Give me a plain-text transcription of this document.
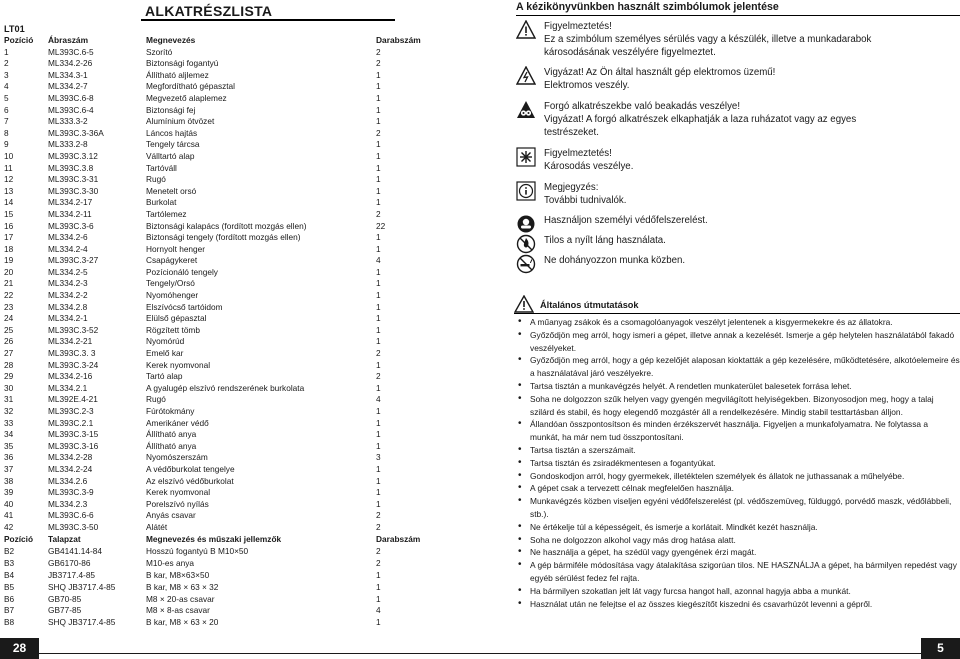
ALKATRÉSZLISTA
LT01
Pozíció	Ábraszám	Megnevezés	Darabszám
1	ML393C.6-5	Szorító	2
2	ML334.2-26	Biztonsági fogantyú	2
3	ML334.3-1	Állítható aljlemez	1
4	ML334.2-7	Megfordítható gépasztal	1
5	ML393C.6-8	Megvezető alaplemez	1
6	ML393C.6-4	Biztonsági fej	1
7	ML333.3-2	Alumínium ötvözet	1
8	ML393C.3-36A	Láncos hajtás	2
9	ML333.2-8	Tengely tárcsa	1
10	ML393C.3.12	Válltartó alap	1
11	ML393C.3.8	Tartóváll	1
12	ML393C.3-31	Rugó	1
13	ML393C.3-30	Menetelt orsó	1
14	ML334.2-17	Burkolat	1
15	ML334.2-11	Tartólemez	2
16	ML393C.3-6	Biztonsági kalapács (fordított mozgás ellen)	22
17	ML334.2-6	Biztonsági tengely (fordított mozgás ellen)	1
18	ML334.2-4	Hornyolt henger	1
19	ML393C.3-27	Csapágykeret	4
20	ML334.2-5	Pozícionáló tengely	1
21	ML334.2-3	Tengely/Orsó	1
22	ML334.2-2	Nyomóhenger	1
23	ML334.2.8	Elszívócső tartóidom	1
24	ML334.2-1	Elülső gépasztal	1
25	ML393C.3-52	Rögzített tömb	1
26	ML334.2-21	Nyomórúd	1
27	ML393C.3. 3	Emelő kar	2
28	ML393C.3-24	Kerek nyomvonal	1
29	ML334.2-16	Tartó alap	2
30	ML334.2.1	A gyalugép elszívó rendszerének burkolata	1
31	ML392E.4-21	Rugó	4
32	ML393C.2-3	Fúrótokmány	1
33	ML393C.2.1	Amerikáner védő	1
34	ML393C.3-15	Állítható anya	1
35	ML393C.3-16	Állítható anya	1
36	ML334.2-28	Nyomószerszám	3
37	ML334.2-24	A védőburkolat tengelye	1
38	ML334.2.6	Az elszívó védőburkolat	1
39	ML393C.3-9	Kerek nyomvonal	1
40	ML334.2.3	Porelszívó nyílás	1
41	ML393C.6-6	Anyás csavar	2
42	ML393C.3-50	Alátét	2
Pozíció	Talapzat	Megnevezés és műszaki jellemzők	Darabszám
B2	GB4141.14-84	Hosszú fogantyú B M10×50	2
B3	GB6170-86	M10-es anya	2
B4	JB3717.4-85	B kar, M8×63×50	1
B5	SHQ JB3717.4-85	B kar, M8 × 63 × 32	1
B6	GB70-85	M8 × 20-as csavar	1
B7	GB77-85	M8 × 8-as csavar	4
B8	SHQ JB3717.4-85	B kar, M8 × 63 × 20	1
28
A kézikönyvünkben használt szimbólumok jelentése
Figyelmeztetés!
Ez a szimbólum személyes sérülés vagy a készülék, illetve a munkadarabok
károsodásának veszélyére figyelmeztet.
Vigyázat! Az Ön által használt gép elektromos üzemű!
Elektromos veszély.
Forgó alkatrészekbe való beakadás veszélye!
Vigyázat! A forgó alkatrészek elkaphatják a laza ruházatot vagy az egyes
testrészeket.
Figyelmeztetés!
Károsodás veszélye.
Megjegyzés:
További tudnivalók.
Használjon személyi védőfelszerelést.
Tilos a nyílt láng használata.
Ne dohányozzon munka közben.
Általános útmutatások
• A műanyag zsákok és a csomagolóanyagok veszélyt jelentenek a kisgyermekekre és az állatokra.
• Győződjön meg arról, hogy ismeri a gépet, illetve annak a kezelését. Ismerje a gép helytelen használatából fakadó veszélyeket.
• Győződjön meg arról, hogy a gép kezelőjét alaposan kioktatták a gép kezelésére, működtetésére, alkotóelemeire és a használatával járó veszélyekre.
• Tartsa tisztán a munkavégzés helyét. A rendetlen munkaterület balesetek forrása lehet.
• Soha ne dolgozzon szűk helyen vagy gyengén megvilágított helyiségekben. Bizonyosodjon meg, hogy a talaj szilárd és stabil, és hogy elegendő mozgástér áll a rendelkezésére. Mindig stabil testtartásban álljon.
• Állandóan összpontosítson és minden érzékszervét használja. Figyeljen a munkafolyamatra. Ne folytassa a munkát, ha már nem tud összpontosítani.
• Tartsa tisztán a szerszámait.
• Tartsa tisztán és zsiradékmentesen a fogantyúkat.
• Gondoskodjon arról, hogy gyermekek, illetéktelen személyek és állatok ne juthassanak a műhelyébe.
• A gépet csak a tervezett célnak megfelelően használja.
• Munkavégzés közben viseljen egyéni védőfelszerelést (pl. védőszemüveg, fülduggó, porvédő maszk, védőlábbeli, stb.).
• Ne értékelje túl a képességeit, és ismerje a korlátait. Mindkét kezét használja.
• Soha ne dolgozzon alkohol vagy más drog hatása alatt.
• Ne használja a gépet, ha szédül vagy gyengének érzi magát.
• A gép bármiféle módosítása vagy átalakítása szigorúan tilos. NE HASZNÁLJA a gépet, ha bármilyen repedést vagy egyéb sérülést fedez fel rajta.
• Ha bármilyen szokatlan jelt lát vagy furcsa hangot hall, azonnal hagyja abba a munkát.
• Használat után ne felejtse el az összes kiegészítőt kiszedni és csavarhúzót levenni a gépről.
5
